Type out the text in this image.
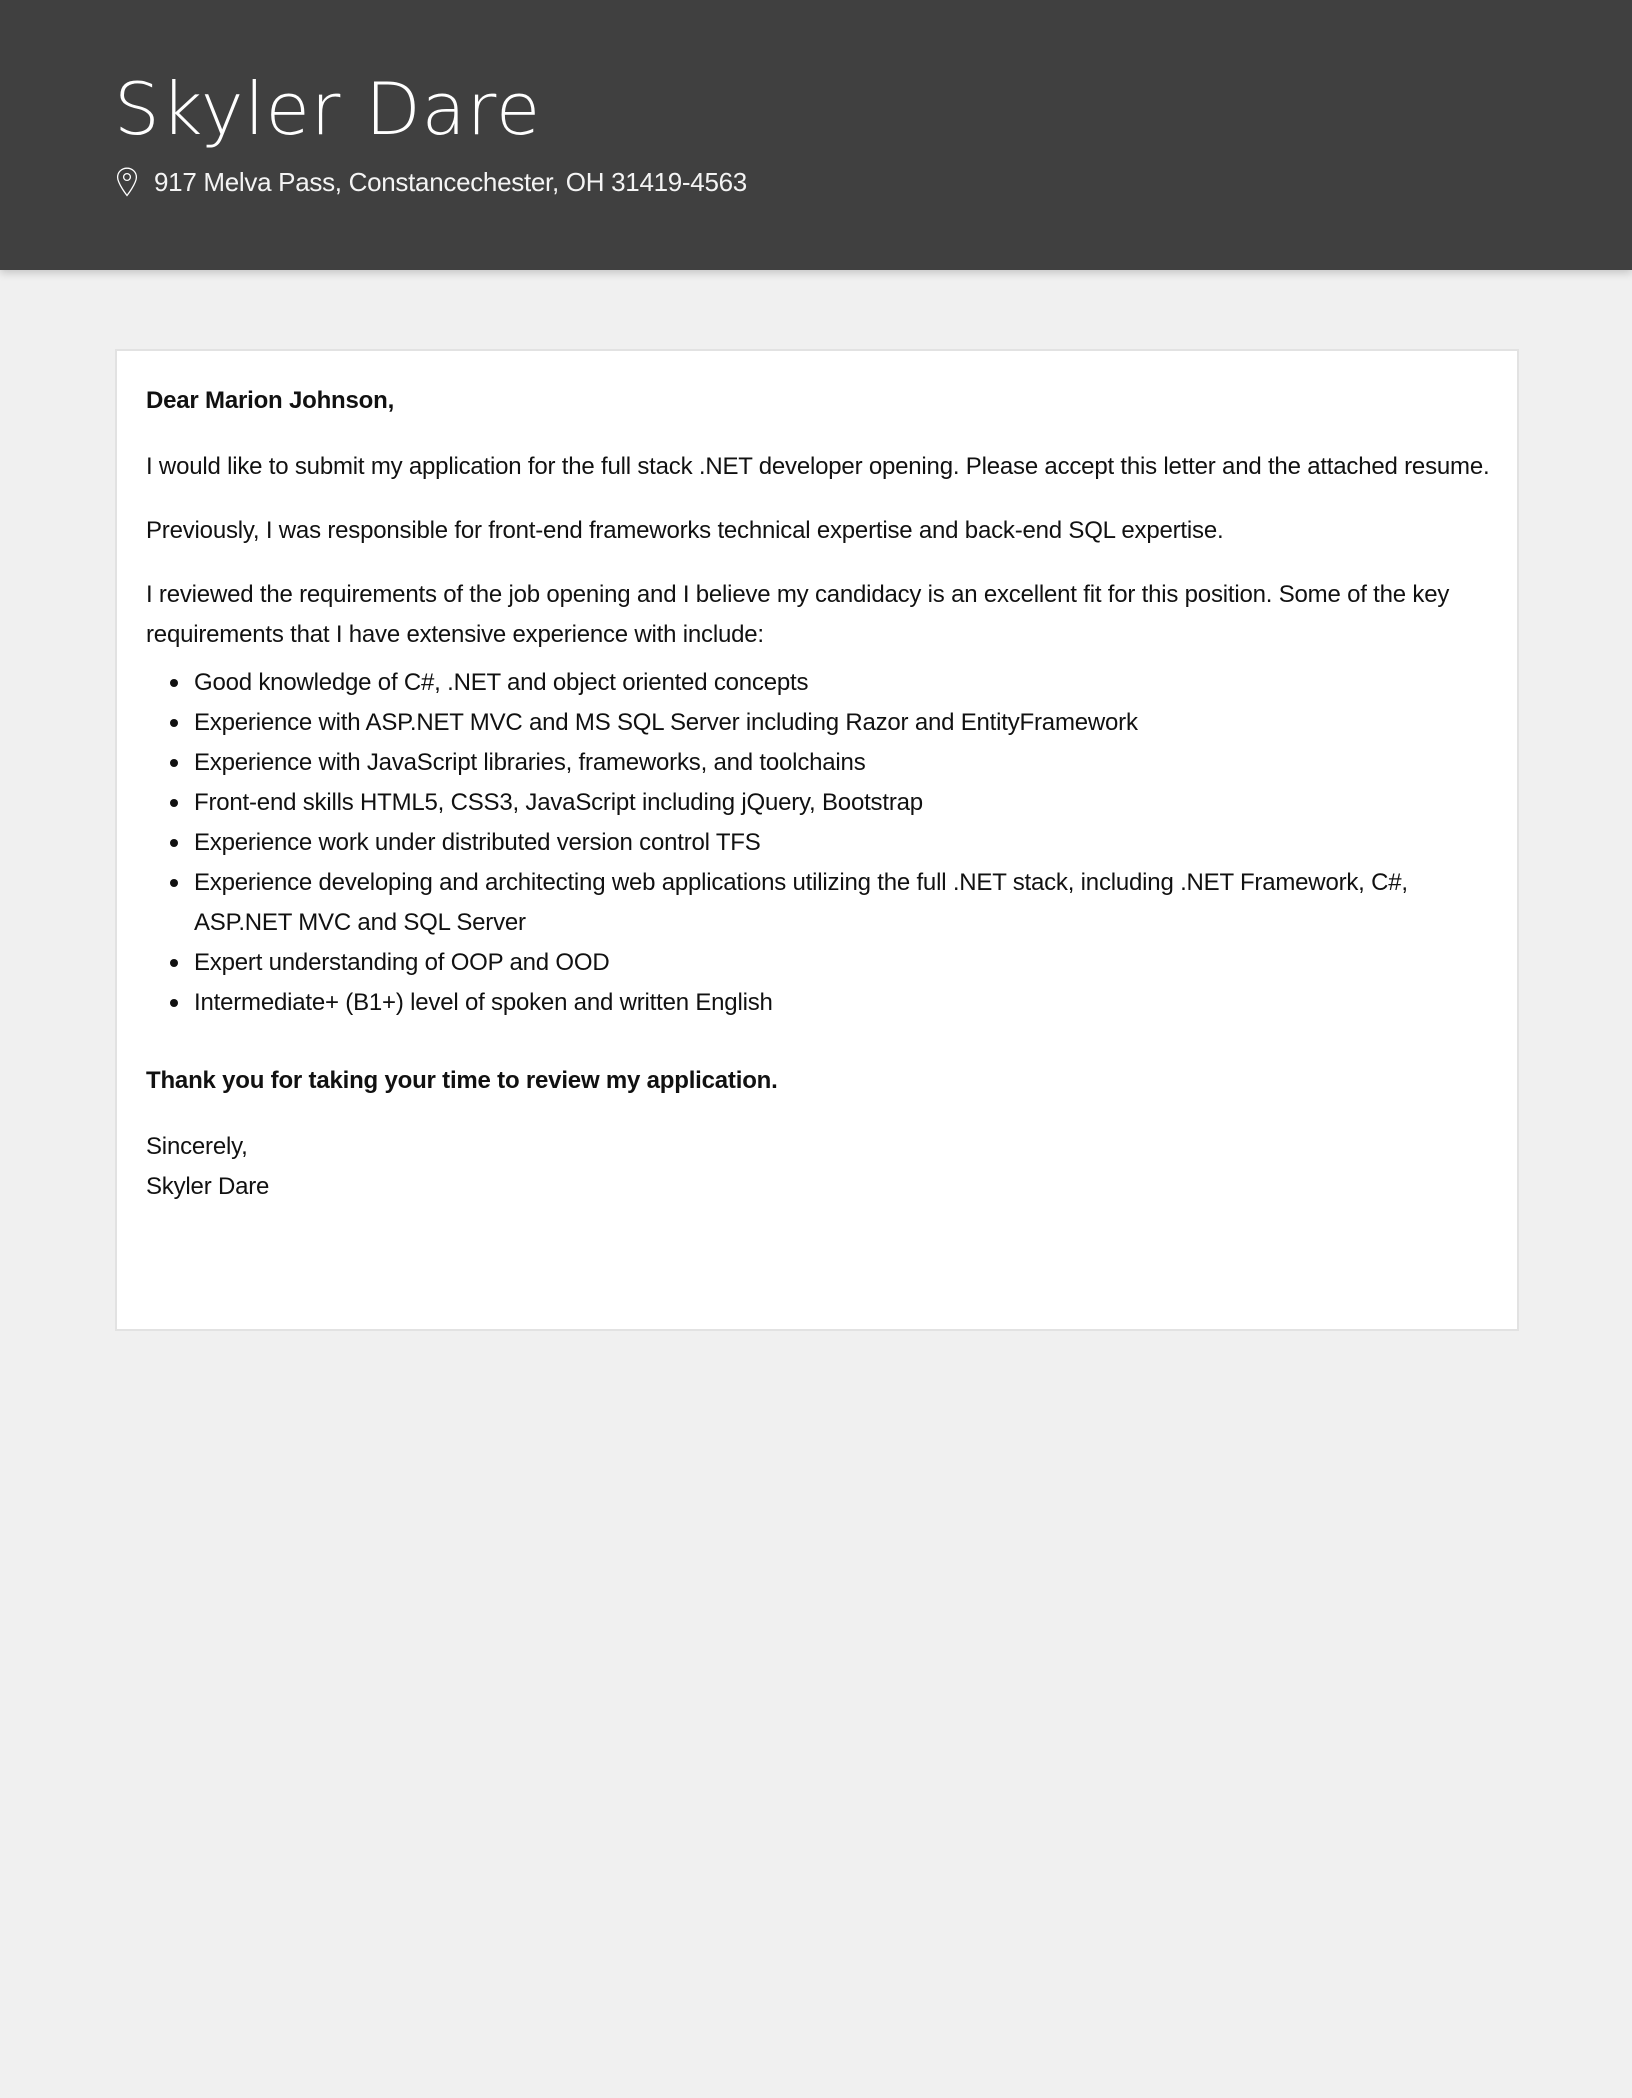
Skyler Dare
917 Melva Pass, Constancechester, OH 31419-4563

Dear Marion Johnson,

I would like to submit my application for the full stack .NET developer opening. Please accept this letter and the attached resume.

Previously, I was responsible for front-end frameworks technical expertise and back-end SQL expertise.

I reviewed the requirements of the job opening and I believe my candidacy is an excellent fit for this position. Some of the key requirements that I have extensive experience with include:

Good knowledge of C#, .NET and object oriented concepts
Experience with ASP.NET MVC and MS SQL Server including Razor and EntityFramework
Experience with JavaScript libraries, frameworks, and toolchains
Front-end skills HTML5, CSS3, JavaScript including jQuery, Bootstrap
Experience work under distributed version control TFS
Experience developing and architecting web applications utilizing the full .NET stack, including .NET Framework, C#, ASP.NET MVC and SQL Server
Expert understanding of OOP and OOD
Intermediate+ (B1+) level of spoken and written English

Thank you for taking your time to review my application.

Sincerely,
Skyler Dare
